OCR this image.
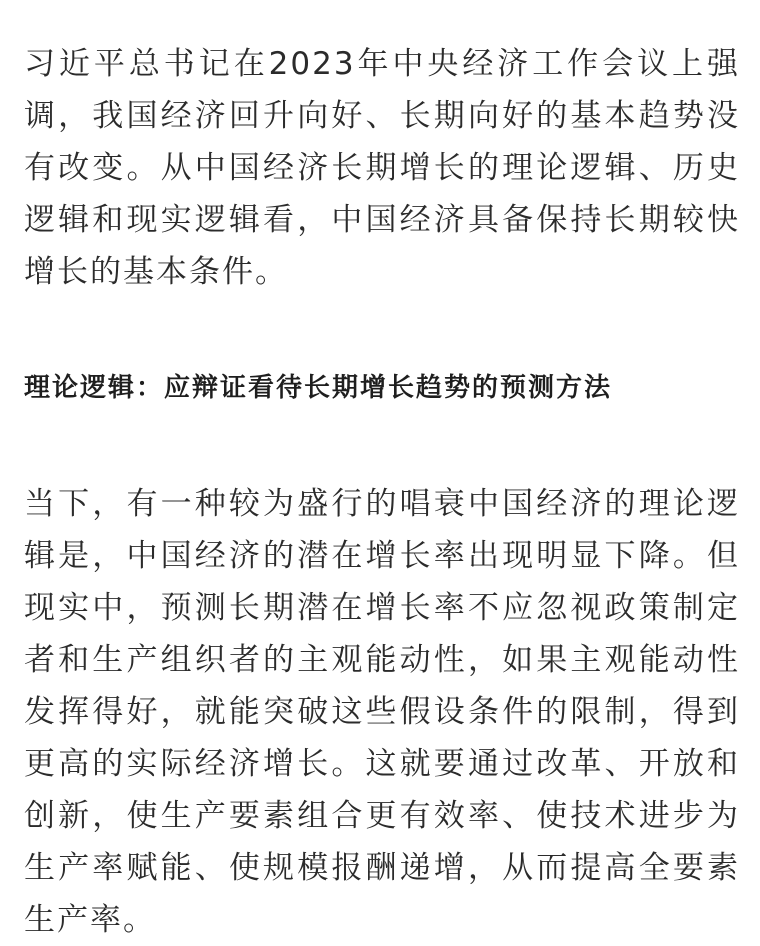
习近平总书记在2023年中央经济工作会议上强调，我国经济回升向好、长期向好的基本趋势没有改变。从中国经济长期增长的理论逻辑、历史逻辑和现实逻辑看，中国经济具备保持长期较快增长的基本条件。

理论逻辑：应辩证看待长期增长趋势的预测方法

当下，有一种较为盛行的唱衰中国经济的理论逻辑是，中国经济的潜在增长率出现明显下降。但现实中，预测长期潜在增长率不应忽视政策制定者和生产组织者的主观能动性，如果主观能动性发挥得好，就能突破这些假设条件的限制，得到更高的实际经济增长。这就要通过改革、开放和创新，使生产要素组合更有效率、使技术进步为生产率赋能、使规模报酬递增，从而提高全要素生产率。
